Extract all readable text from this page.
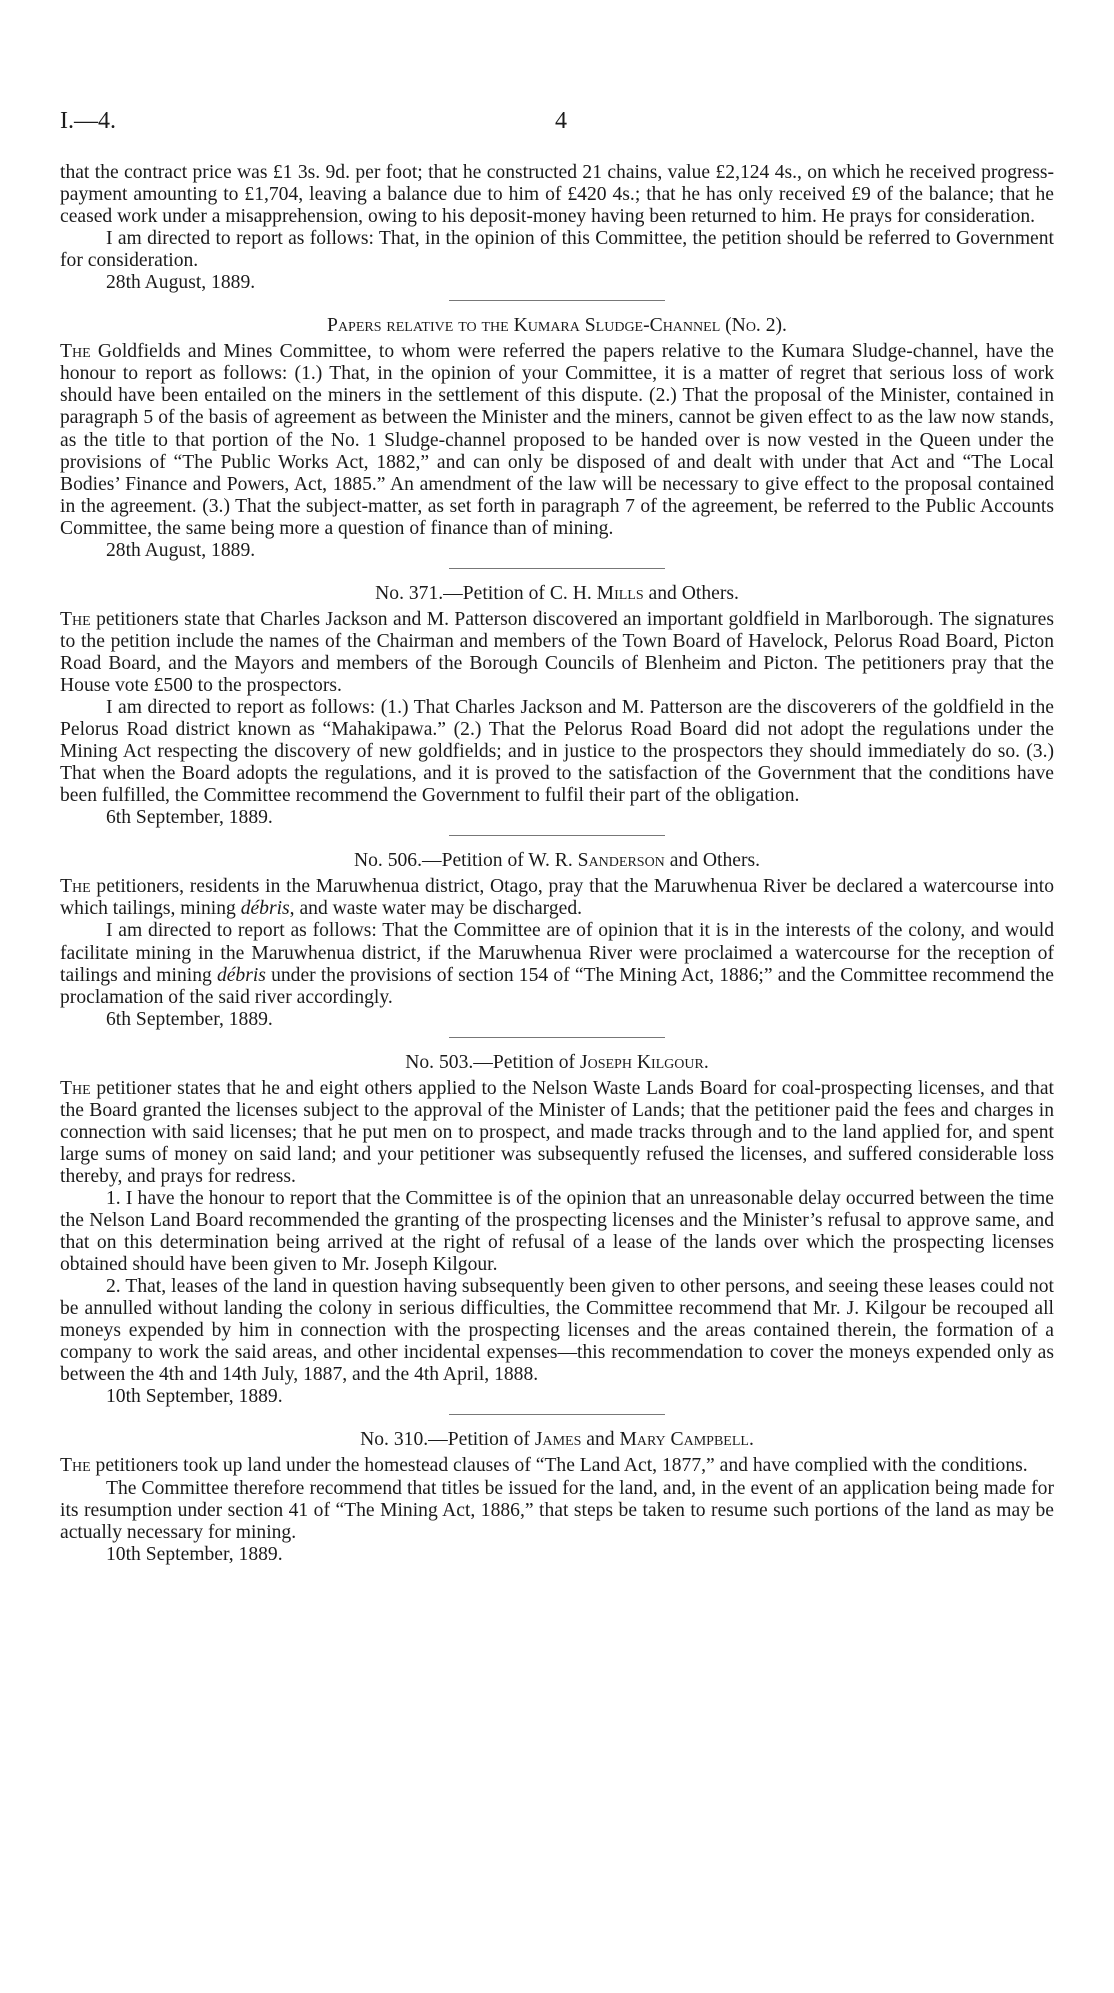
I.—4.	4

that the contract price was £1 3s. 9d. per foot; that he constructed 21 chains, value £2,124 4s., on which he received progress-payment amounting to £1,704, leaving a balance due to him of £420 4s.; that he has only received £9 of the balance; that he ceased work under a misapprehension, owing to his deposit-money having been returned to him. He prays for consideration.

I am directed to report as follows: That, in the opinion of this Committee, the petition should be referred to Government for consideration.

28th August, 1889.

Papers relative to the Kumara Sludge-Channel (No. 2).

The Goldfields and Mines Committee, to whom were referred the papers relative to the Kumara Sludge-channel, have the honour to report as follows: (1.) That, in the opinion of your Committee, it is a matter of regret that serious loss of work should have been entailed on the miners in the settlement of this dispute. (2.) That the proposal of the Minister, contained in paragraph 5 of the basis of agreement as between the Minister and the miners, cannot be given effect to as the law now stands, as the title to that portion of the No. 1 Sludge-channel proposed to be handed over is now vested in the Queen under the provisions of “The Public Works Act, 1882,” and can only be disposed of and dealt with under that Act and “The Local Bodies’ Finance and Powers, Act, 1885.” An amendment of the law will be necessary to give effect to the proposal contained in the agreement. (3.) That the subject-matter, as set forth in paragraph 7 of the agreement, be referred to the Public Accounts Committee, the same being more a question of finance than of mining.

28th August, 1889.

No. 371.—Petition of C. H. Mills and Others.

The petitioners state that Charles Jackson and M. Patterson discovered an important goldfield in Marlborough. The signatures to the petition include the names of the Chairman and members of the Town Board of Havelock, Pelorus Road Board, Picton Road Board, and the Mayors and members of the Borough Councils of Blenheim and Picton. The petitioners pray that the House vote £500 to the prospectors.

I am directed to report as follows: (1.) That Charles Jackson and M. Patterson are the discoverers of the goldfield in the Pelorus Road district known as “Mahakipawa.” (2.) That the Pelorus Road Board did not adopt the regulations under the Mining Act respecting the discovery of new goldfields; and in justice to the prospectors they should immediately do so. (3.) That when the Board adopts the regulations, and it is proved to the satisfaction of the Government that the conditions have been fulfilled, the Committee recommend the Government to fulfil their part of the obligation.

6th September, 1889.

No. 506.—Petition of W. R. Sanderson and Others.

The petitioners, residents in the Maruwhenua district, Otago, pray that the Maruwhenua River be declared a watercourse into which tailings, mining débris, and waste water may be discharged.

I am directed to report as follows: That the Committee are of opinion that it is in the interests of the colony, and would facilitate mining in the Maruwhenua district, if the Maruwhenua River were proclaimed a watercourse for the reception of tailings and mining débris under the provisions of section 154 of “The Mining Act, 1886;” and the Committee recommend the proclamation of the said river accordingly.

6th September, 1889.

No. 503.—Petition of Joseph Kilgour.

The petitioner states that he and eight others applied to the Nelson Waste Lands Board for coal-prospecting licenses, and that the Board granted the licenses subject to the approval of the Minister of Lands; that the petitioner paid the fees and charges in connection with said licenses; that he put men on to prospect, and made tracks through and to the land applied for, and spent large sums of money on said land; and your petitioner was subsequently refused the licenses, and suffered considerable loss thereby, and prays for redress.

1. I have the honour to report that the Committee is of the opinion that an unreasonable delay occurred between the time the Nelson Land Board recommended the granting of the prospecting licenses and the Minister’s refusal to approve same, and that on this determination being arrived at the right of refusal of a lease of the lands over which the prospecting licenses obtained should have been given to Mr. Joseph Kilgour.

2. That, leases of the land in question having subsequently been given to other persons, and seeing these leases could not be annulled without landing the colony in serious difficulties, the Committee recommend that Mr. J. Kilgour be recouped all moneys expended by him in connection with the prospecting licenses and the areas contained therein, the formation of a company to work the said areas, and other incidental expenses—this recommendation to cover the moneys expended only as between the 4th and 14th July, 1887, and the 4th April, 1888.

10th September, 1889.

No. 310.—Petition of James and Mary Campbell.

The petitioners took up land under the homestead clauses of “The Land Act, 1877,” and have complied with the conditions.

The Committee therefore recommend that titles be issued for the land, and, in the event of an application being made for its resumption under section 41 of “The Mining Act, 1886,” that steps be taken to resume such portions of the land as may be actually necessary for mining.

10th September, 1889.
